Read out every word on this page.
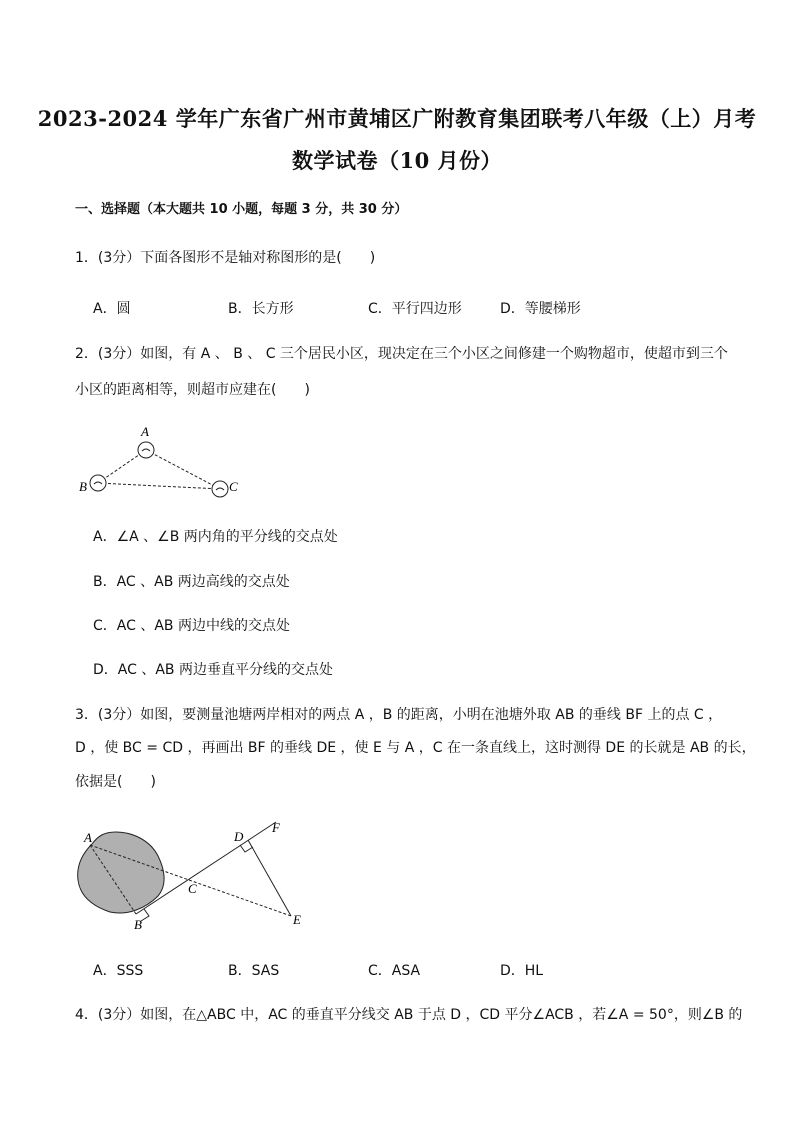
2023-2024 学年广东省广州市黄埔区广附教育集团联考八年级（上）月考
数学试卷（10 月份）
一、选择题（本大题共 10 小题，每题 3 分，共 30 分）
1．(3分）下面各图形不是轴对称图形的是(　　)
A．圆	B．长方形	C．平行四边形	D．等腰梯形
2．(3分）如图，有 A 、 B 、 C 三个居民小区，现决定在三个小区之间修建一个购物超市，使超市到三个
小区的距离相等，则超市应建在(　　)
A
B	C
A．∠A 、∠B 两内角的平分线的交点处
B．AC 、AB 两边高线的交点处
C．AC 、AB 两边中线的交点处
D．AC 、AB 两边垂直平分线的交点处
3．(3分）如图，要测量池塘两岸相对的两点 A ，B 的距离，小明在池塘外取 AB 的垂线 BF 上的点 C ，
D ，使 BC = CD ，再画出 BF 的垂线 DE ，使 E 与 A ，C 在一条直线上，这时测得 DE 的长就是 AB 的长，
依据是(　　)
A
B
C
D
E
F
A．SSS	B．SAS	C．ASA	D．HL
4．(3分）如图，在△ABC 中，AC 的垂直平分线交 AB 于点 D ，CD 平分∠ACB ，若∠A = 50°，则∠B 的
